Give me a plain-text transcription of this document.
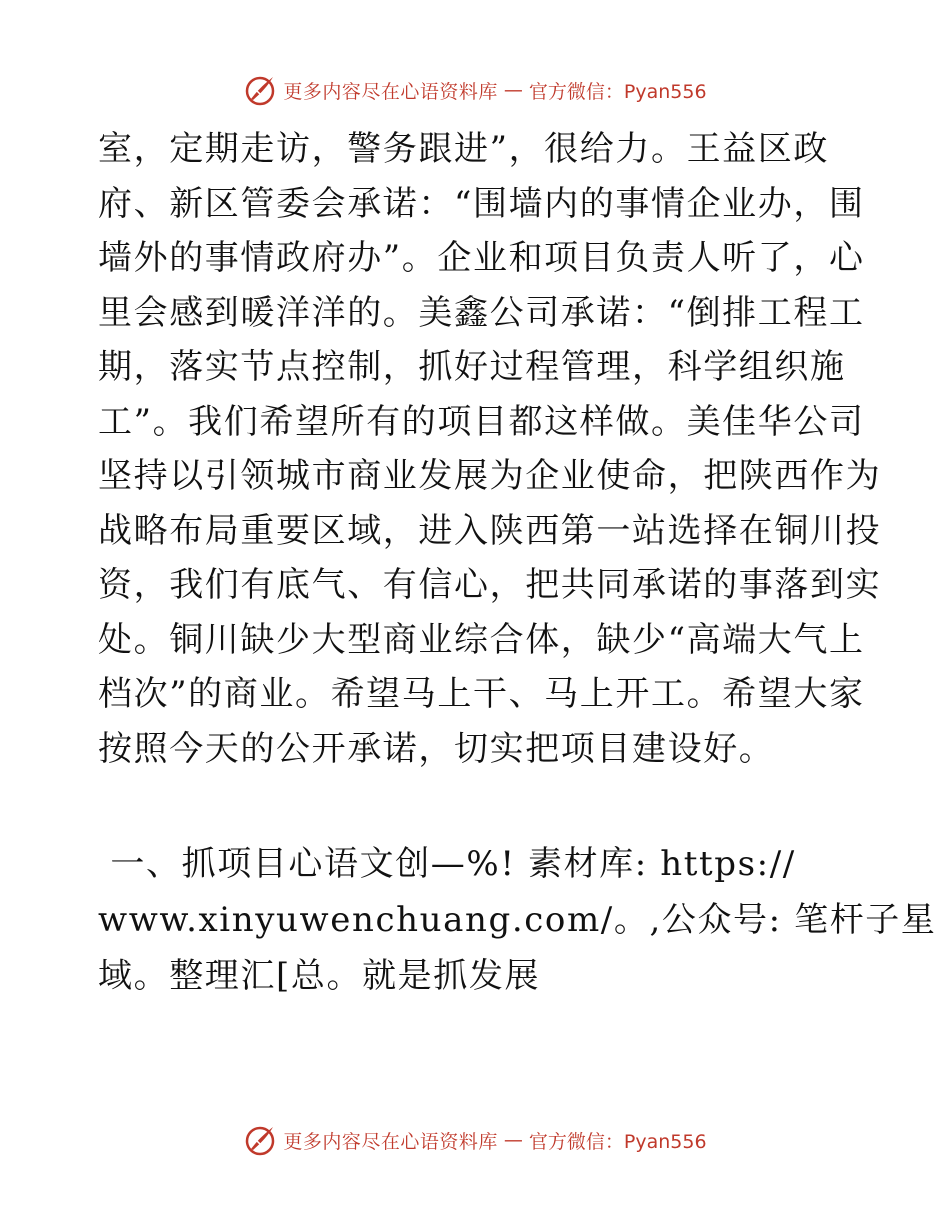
更多内容尽在心语资料库 — 官方微信：Pyan556
室，定期走访，警务跟进”，很给力。王益区政
府、新区管委会承诺：“围墙内的事情企业办，围
墙外的事情政府办”。企业和项目负责人听了，心
里会感到暖洋洋的。美鑫公司承诺：“倒排工程工
期，落实节点控制，抓好过程管理，科学组织施
工”。我们希望所有的项目都这样做。美佳华公司
坚持以引领城市商业发展为企业使命，把陕西作为
战略布局重要区域，进入陕西第一站选择在铜川投
资，我们有底气、有信心，把共同承诺的事落到实
处。铜川缺少大型商业综合体，缺少“高端大气上
档次”的商业。希望马上干、马上开工。希望大家
按照今天的公开承诺，切实把项目建设好。
一、抓项目心语文创—%! 素材库: https://
www.xinyuwenchuang.com/。,公众号: 笔杆子星
域。整理汇[总。就是抓发展
更多内容尽在心语资料库 — 官方微信：Pyan556
